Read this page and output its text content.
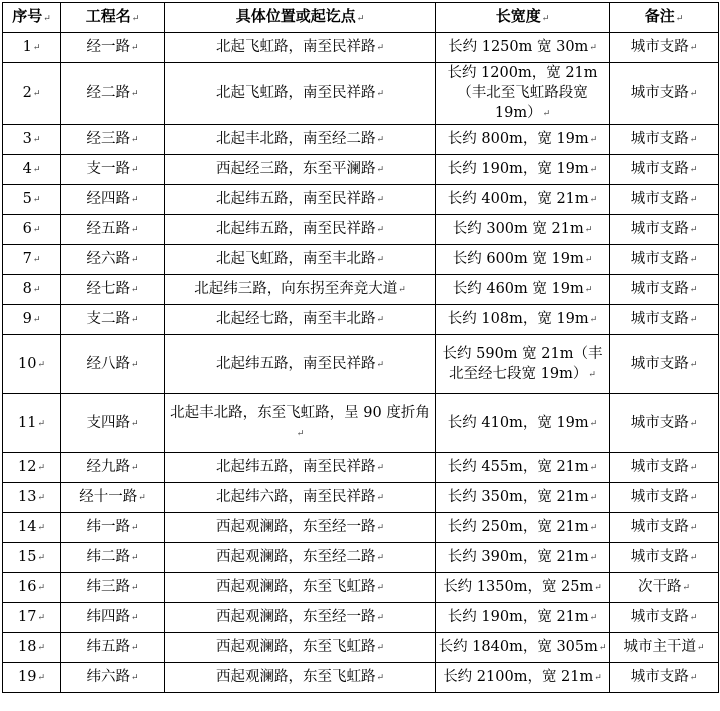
序号 ↵	工程名 ↵	具体位置或起讫点 ↵	长宽度 ↵	备注 ↵
1 ↵	经一路 ↵	北起飞虹路，南至民祥路 ↵	长约 1250m 宽 30m ↵	城市支路 ↵
2 ↵	经二路 ↵	北起飞虹路，南至民祥路 ↵	长约 1200m，宽 21m（丰北至飞虹路段宽 19m） ↵	城市支路 ↵
3 ↵	经三路 ↵	北起丰北路，南至经二路 ↵	长约 800m，宽 19m ↵	城市支路 ↵
4 ↵	支一路 ↵	西起经三路，东至平澜路 ↵	长约 190m，宽 19m ↵	城市支路 ↵
5 ↵	经四路 ↵	北起纬五路，南至民祥路 ↵	长约 400m，宽 21m ↵	城市支路 ↵
6 ↵	经五路 ↵	北起纬五路，南至民祥路 ↵	长约 300m 宽 21m ↵	城市支路 ↵
7 ↵	经六路 ↵	北起飞虹路，南至丰北路 ↵	长约 600m 宽 19m ↵	城市支路 ↵
8 ↵	经七路 ↵	北起纬三路，向东拐至奔竞大道 ↵	长约 460m 宽 19m ↵	城市支路 ↵
9 ↵	支二路 ↵	北起经七路，南至丰北路 ↵	长约 108m，宽 19m ↵	城市支路 ↵
10 ↵	经八路 ↵	北起纬五路，南至民祥路 ↵	长约 590m 宽 21m（丰北至经七段宽 19m） ↵	城市支路 ↵
11 ↵	支四路 ↵	北起丰北路，东至飞虹路，呈 90 度折角 ↵	长约 410m，宽 19m ↵	城市支路 ↵
12 ↵	经九路 ↵	北起纬五路，南至民祥路 ↵	长约 455m，宽 21m ↵	城市支路 ↵
13 ↵	经十一路 ↵	北起纬六路，南至民祥路 ↵	长约 350m，宽 21m ↵	城市支路 ↵
14 ↵	纬一路 ↵	西起观澜路，东至经一路 ↵	长约 250m，宽 21m ↵	城市支路 ↵
15 ↵	纬二路 ↵	西起观澜路，东至经二路 ↵	长约 390m，宽 21m ↵	城市支路 ↵
16 ↵	纬三路 ↵	西起观澜路，东至飞虹路 ↵	长约 1350m，宽 25m ↵	次干路 ↵
17 ↵	纬四路 ↵	西起观澜路，东至经一路 ↵	长约 190m，宽 21m ↵	城市支路 ↵
18 ↵	纬五路 ↵	西起观澜路，东至飞虹路 ↵	长约 1840m，宽 305m ↵	城市主干道 ↵
19 ↵	纬六路 ↵	西起观澜路，东至飞虹路 ↵	长约 2100m，宽 21m ↵	城市支路 ↵
